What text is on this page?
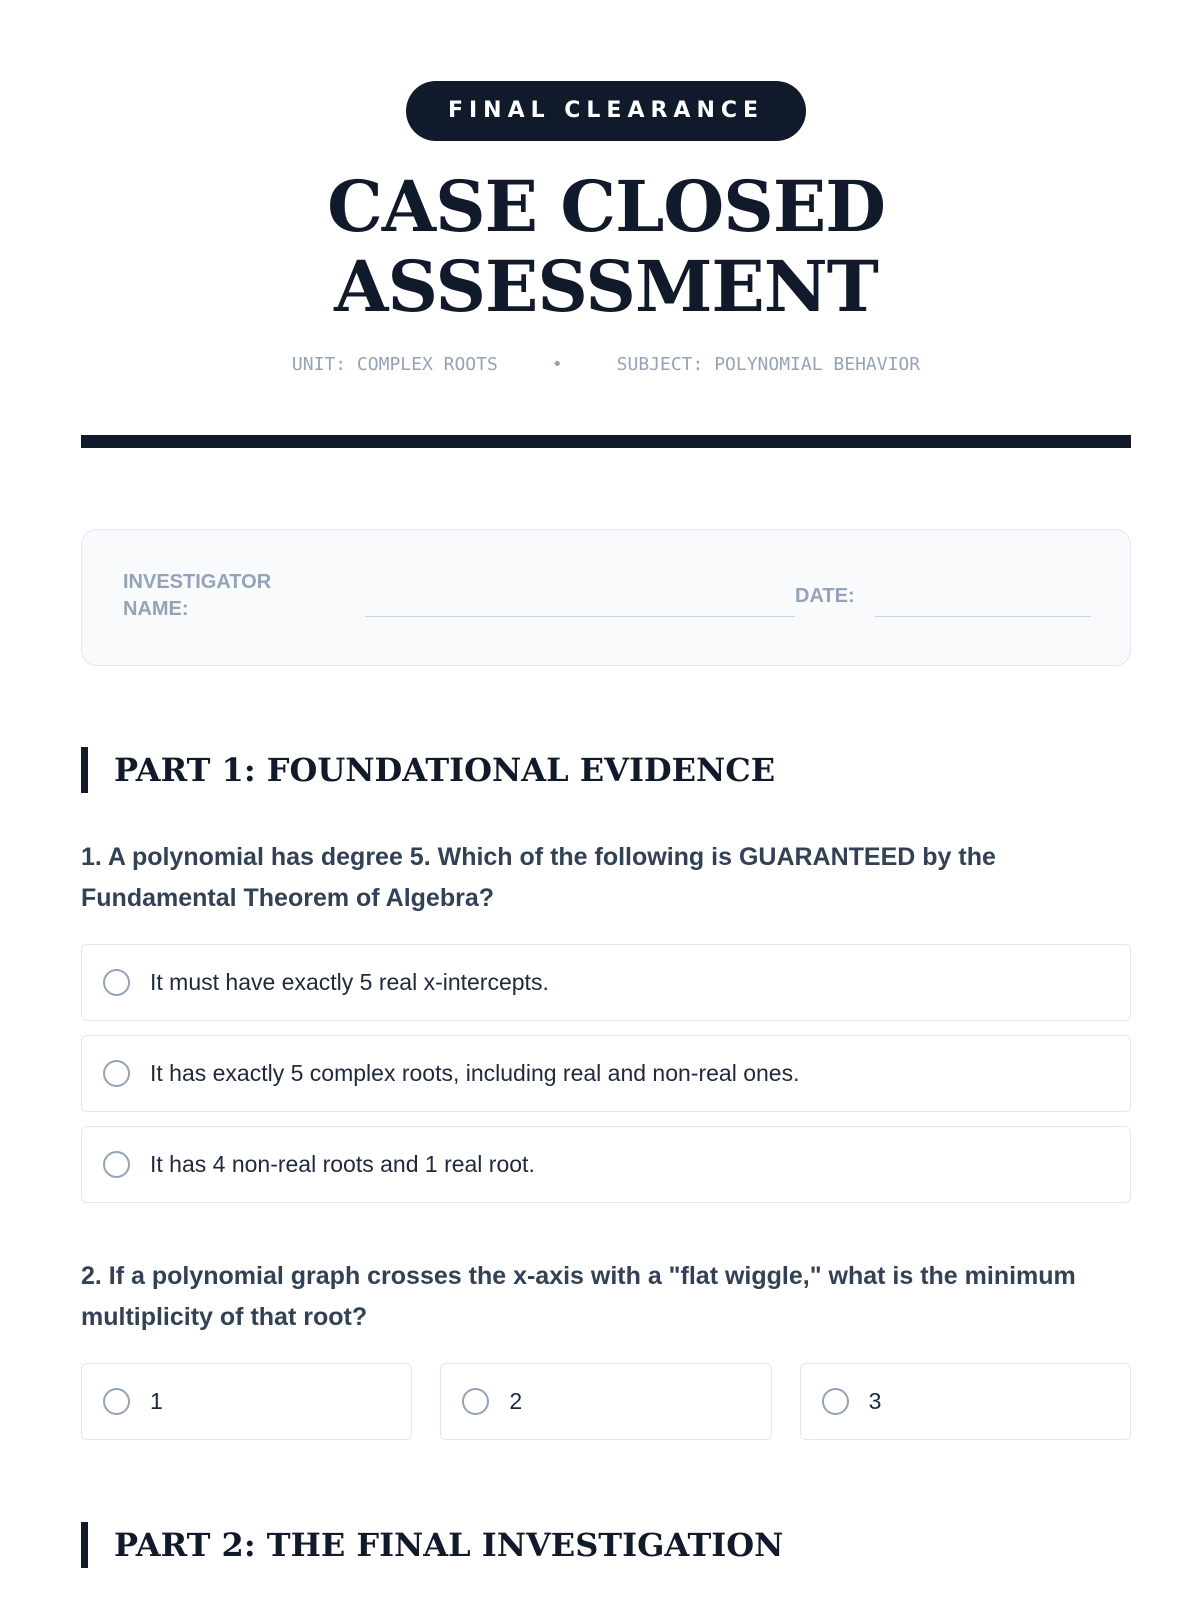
FINAL CLEARANCE
CASE CLOSED
ASSESSMENT
UNIT: COMPLEX ROOTS	•	SUBJECT: POLYNOMIAL BEHAVIOR
INVESTIGATOR NAME:
DATE:
PART 1: FOUNDATIONAL EVIDENCE
1. A polynomial has degree 5. Which of the following is GUARANTEED by the Fundamental Theorem of Algebra?
It must have exactly 5 real x-intercepts.
It has exactly 5 complex roots, including real and non-real ones.
It has 4 non-real roots and 1 real root.
2. If a polynomial graph crosses the x-axis with a "flat wiggle," what is the minimum multiplicity of that root?
1	2	3
PART 2: THE FINAL INVESTIGATION
